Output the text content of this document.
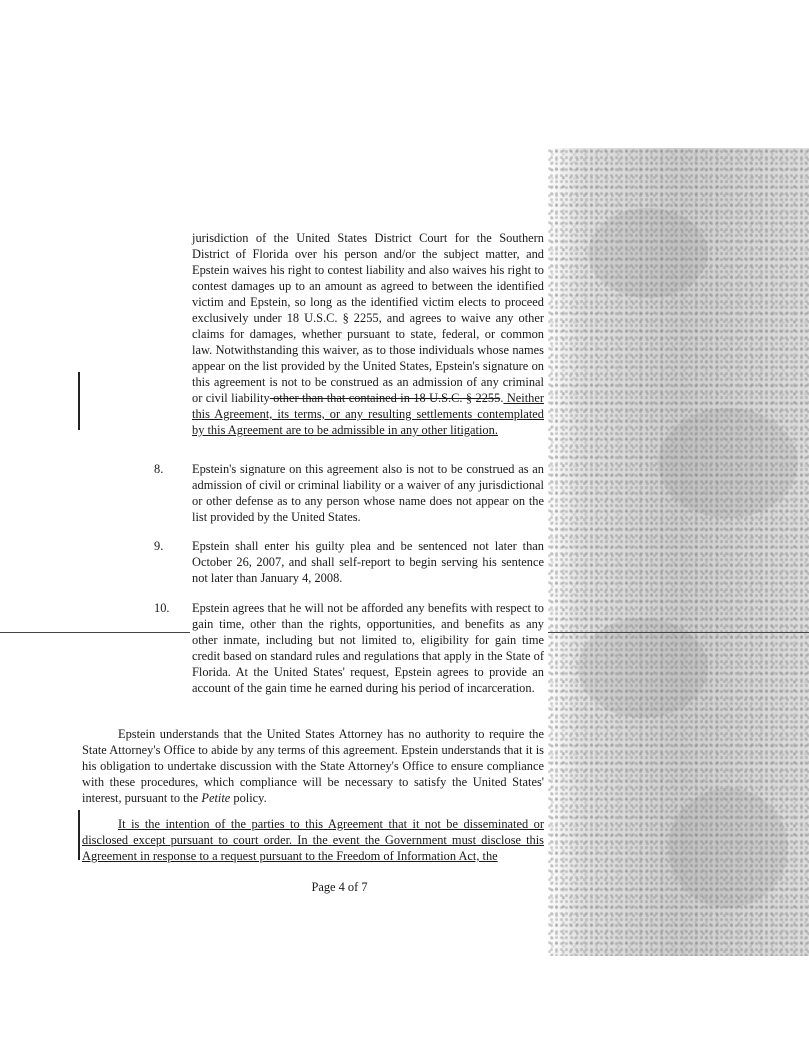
jurisdiction of the United States District Court for the Southern District of Florida over his person and/or the subject matter, and Epstein waives his right to contest liability and also waives his right to contest damages up to an amount as agreed to between the identified victim and Epstein, so long as the identified victim elects to proceed exclusively under 18 U.S.C. § 2255, and agrees to waive any other claims for damages, whether pursuant to state, federal, or common law. Notwithstanding this waiver, as to those individuals whose names appear on the list provided by the United States, Epstein's signature on this agreement is not to be construed as an admission of any criminal or civil liability other than that contained in 18 U.S.C. § 2255. Neither this Agreement, its terms, or any resulting settlements contemplated by this Agreement are to be admissible in any other litigation.
8. Epstein's signature on this agreement also is not to be construed as an admission of civil or criminal liability or a waiver of any jurisdictional or other defense as to any person whose name does not appear on the list provided by the United States.
9. Epstein shall enter his guilty plea and be sentenced not later than October 26, 2007, and shall self-report to begin serving his sentence not later than January 4, 2008.
10. Epstein agrees that he will not be afforded any benefits with respect to gain time, other than the rights, opportunities, and benefits as any other inmate, including but not limited to, eligibility for gain time credit based on standard rules and regulations that apply in the State of Florida. At the United States' request, Epstein agrees to provide an account of the gain time he earned during his period of incarceration.
Epstein understands that the United States Attorney has no authority to require the State Attorney's Office to abide by any terms of this agreement. Epstein understands that it is his obligation to undertake discussion with the State Attorney's Office to ensure compliance with these procedures, which compliance will be necessary to satisfy the United States' interest, pursuant to the Petite policy.
It is the intention of the parties to this Agreement that it not be disseminated or disclosed except pursuant to court order. In the event the Government must disclose this Agreement in response to a request pursuant to the Freedom of Information Act, the
Page 4 of 7
